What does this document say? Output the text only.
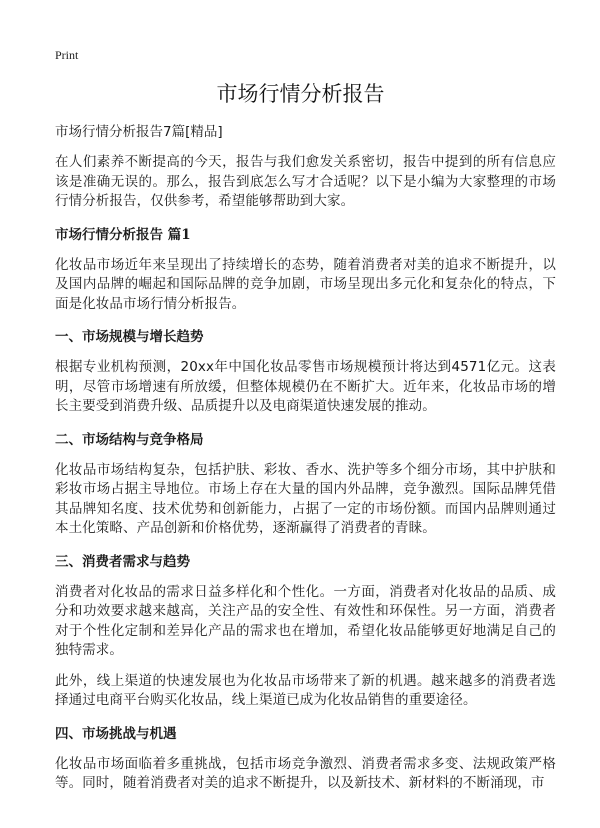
Print
市场行情分析报告
市场行情分析报告7篇[精品]

在人们素养不断提高的今天，报告与我们愈发关系密切，报告中提到的所有信息应该是准确无误的。那么，报告到底怎么写才合适呢？以下是小编为大家整理的市场行情分析报告，仅供参考，希望能够帮助到大家。

市场行情分析报告 篇1

化妆品市场近年来呈现出了持续增长的态势，随着消费者对美的追求不断提升，以及国内品牌的崛起和国际品牌的竞争加剧，市场呈现出多元化和复杂化的特点，下面是化妆品市场行情分析报告。

一、市场规模与增长趋势

根据专业机构预测，20xx年中国化妆品零售市场规模预计将达到4571亿元。这表明，尽管市场增速有所放缓，但整体规模仍在不断扩大。近年来，化妆品市场的增长主要受到消费升级、品质提升以及电商渠道快速发展的推动。

二、市场结构与竞争格局

化妆品市场结构复杂，包括护肤、彩妆、香水、洗护等多个细分市场，其中护肤和彩妆市场占据主导地位。市场上存在大量的国内外品牌，竞争激烈。国际品牌凭借其品牌知名度、技术优势和创新能力，占据了一定的市场份额。而国内品牌则通过本土化策略、产品创新和价格优势，逐渐赢得了消费者的青睐。

三、消费者需求与趋势

消费者对化妆品的需求日益多样化和个性化。一方面，消费者对化妆品的品质、成分和功效要求越来越高，关注产品的安全性、有效性和环保性。另一方面，消费者对于个性化定制和差异化产品的需求也在增加，希望化妆品能够更好地满足自己的独特需求。

此外，线上渠道的快速发展也为化妆品市场带来了新的机遇。越来越多的消费者选择通过电商平台购买化妆品，线上渠道已成为化妆品销售的重要途径。

四、市场挑战与机遇

化妆品市场面临着多重挑战，包括市场竞争激烈、消费者需求多变、法规政策严格等。同时，随着消费者对美的追求不断提升，以及新技术、新材料的不断涌现，市
